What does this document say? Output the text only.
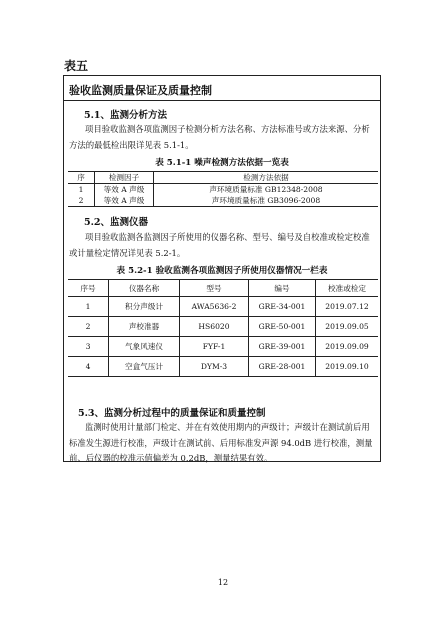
表五
验收监测质量保证及质量控制
5.1、监测分析方法
项目验收监测各项监测因子检测分析方法名称、方法标准号或方法来源、分析方法的最低检出限详见表 5.1-1。
表 5.1-1 噪声检测方法依据一览表
序	检测因子	检测方法依据
1	等效 A 声级	声环境质量标准 GB12348-2008
2	等效 A 声级	声环境质量标准 GB3096-2008
5.2、监测仪器
项目验收监测各监测因子所使用的仪器名称、型号、编号及自校准或检定校准或计量检定情况详见表 5.2-1。
表 5.2-1 验收监测各项监测因子所使用仪器情况一栏表
序号	仪器名称	型号	编号	校准或检定
1	积分声级计	AWA5636-2	GRE-34-001	2019.07.12
2	声校准器	HS6020	GRE-50-001	2019.09.05
3	气象风速仪	FYF-1	GRE-39-001	2019.09.09
4	空盒气压计	DYM-3	GRE-28-001	2019.09.10
5.3、监测分析过程中的质量保证和质量控制
监测时使用计量部门检定、并在有效使用期内的声级计；声级计在测试前后用标准发生源进行校准，声级计在测试前、后用标准发声源 94.0dB 进行校准，测量前、后仪器的校准示值偏差为 0.2dB，测量结果有效。
12
